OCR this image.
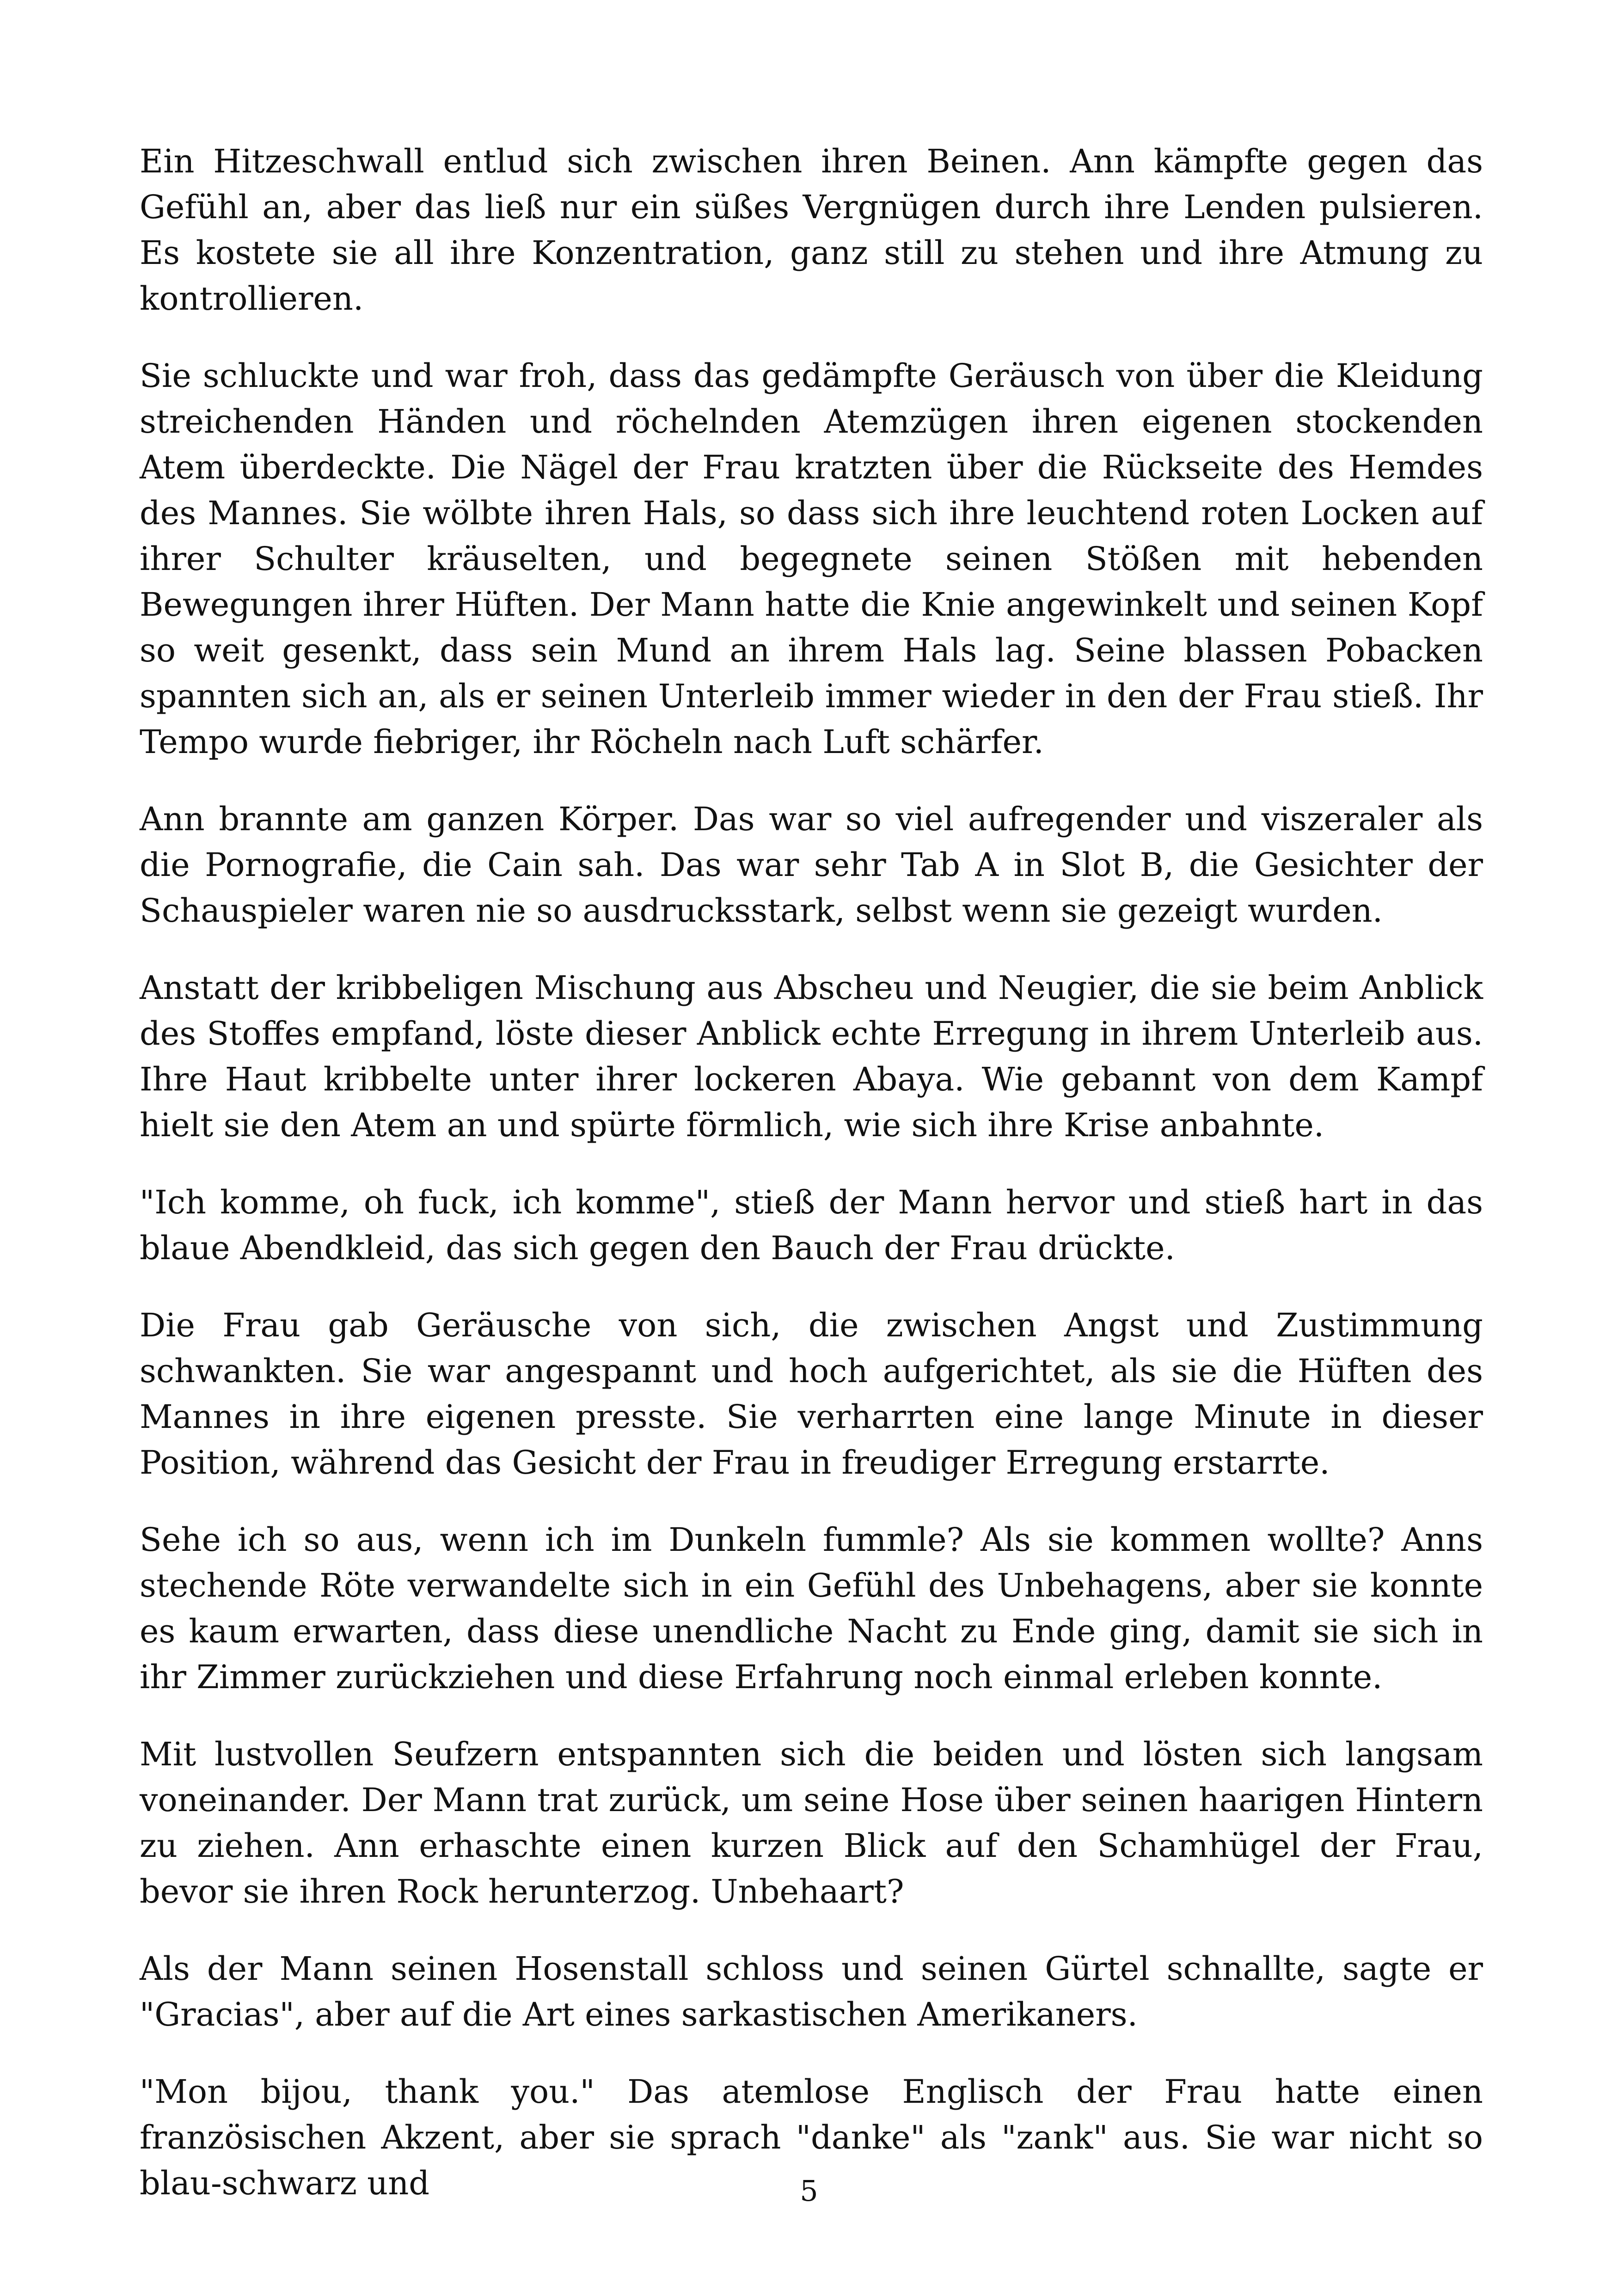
Ein Hitzeschwall entlud sich zwischen ihren Beinen. Ann kämpfte gegen das Gefühl an, aber das ließ nur ein süßes Vergnügen durch ihre Lenden pulsieren. Es kostete sie all ihre Konzentration, ganz still zu stehen und ihre Atmung zu kontrollieren.

Sie schluckte und war froh, dass das gedämpfte Geräusch von über die Kleidung streichenden Händen und röchelnden Atemzügen ihren eigenen stockenden Atem überdeckte. Die Nägel der Frau kratzten über die Rückseite des Hemdes des Mannes. Sie wölbte ihren Hals, so dass sich ihre leuchtend roten Locken auf ihrer Schulter kräuselten, und begegnete seinen Stößen mit hebenden Bewegungen ihrer Hüften. Der Mann hatte die Knie angewinkelt und seinen Kopf so weit gesenkt, dass sein Mund an ihrem Hals lag. Seine blassen Pobacken spannten sich an, als er seinen Unterleib immer wieder in den der Frau stieß. Ihr Tempo wurde fiebriger, ihr Röcheln nach Luft schärfer.

Ann brannte am ganzen Körper. Das war so viel aufregender und viszeraler als die Pornografie, die Cain sah. Das war sehr Tab A in Slot B, die Gesichter der Schauspieler waren nie so ausdrucksstark, selbst wenn sie gezeigt wurden.

Anstatt der kribbeligen Mischung aus Abscheu und Neugier, die sie beim Anblick des Stoffes empfand, löste dieser Anblick echte Erregung in ihrem Unterleib aus. Ihre Haut kribbelte unter ihrer lockeren Abaya. Wie gebannt von dem Kampf hielt sie den Atem an und spürte förmlich, wie sich ihre Krise anbahnte.

"Ich komme, oh fuck, ich komme", stieß der Mann hervor und stieß hart in das blaue Abendkleid, das sich gegen den Bauch der Frau drückte.

Die Frau gab Geräusche von sich, die zwischen Angst und Zustimmung schwankten. Sie war angespannt und hoch aufgerichtet, als sie die Hüften des Mannes in ihre eigenen presste. Sie verharrten eine lange Minute in dieser Position, während das Gesicht der Frau in freudiger Erregung erstarrte.

Sehe ich so aus, wenn ich im Dunkeln fummle? Als sie kommen wollte? Anns stechende Röte verwandelte sich in ein Gefühl des Unbehagens, aber sie konnte es kaum erwarten, dass diese unendliche Nacht zu Ende ging, damit sie sich in ihr Zimmer zurückziehen und diese Erfahrung noch einmal erleben konnte.

Mit lustvollen Seufzern entspannten sich die beiden und lösten sich langsam voneinander. Der Mann trat zurück, um seine Hose über seinen haarigen Hintern zu ziehen. Ann erhaschte einen kurzen Blick auf den Schamhügel der Frau, bevor sie ihren Rock herunterzog. Unbehaart?

Als der Mann seinen Hosenstall schloss und seinen Gürtel schnallte, sagte er "Gracias", aber auf die Art eines sarkastischen Amerikaners.

"Mon bijou, thank you." Das atemlose Englisch der Frau hatte einen französischen Akzent, aber sie sprach "danke" als "zank" aus. Sie war nicht so blau-schwarz und	5
